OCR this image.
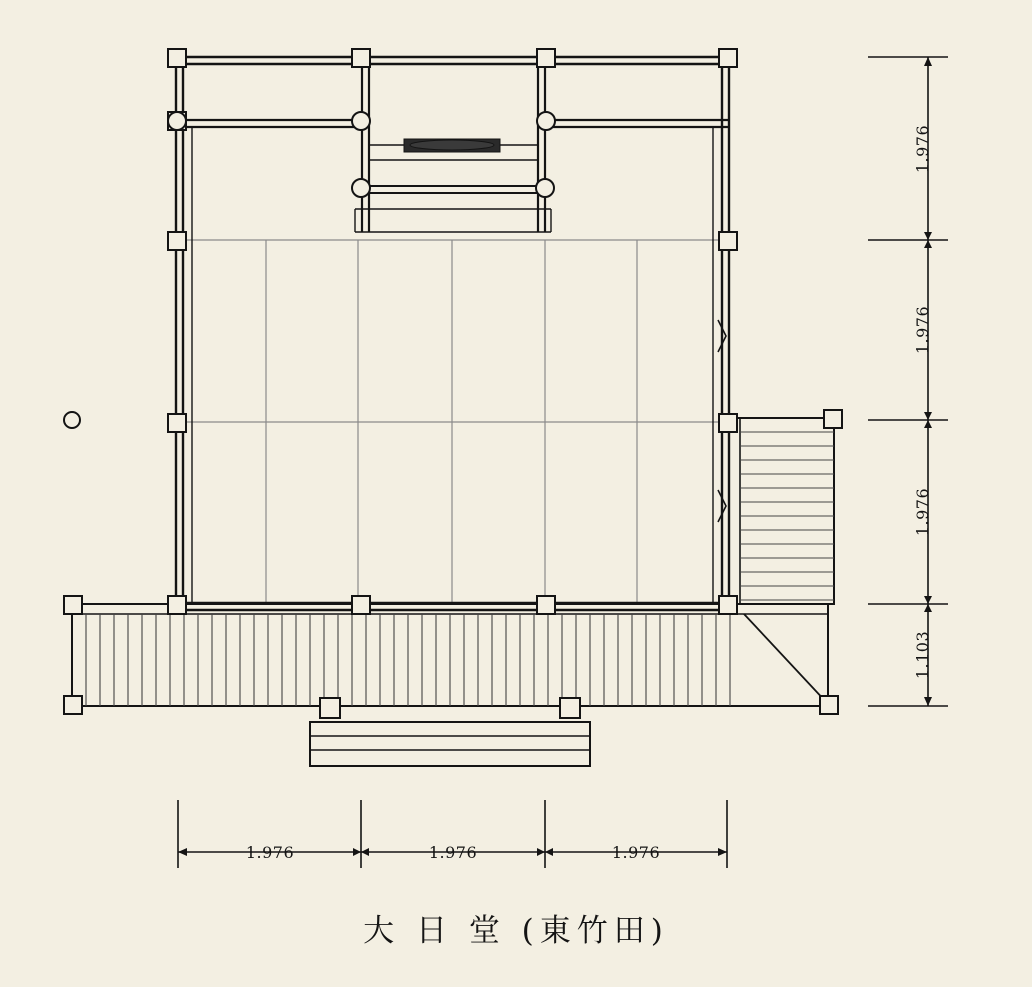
1.976
1.976
1.976
1.103
1.976	1.976	1.976
大 日 堂 (東竹田)
